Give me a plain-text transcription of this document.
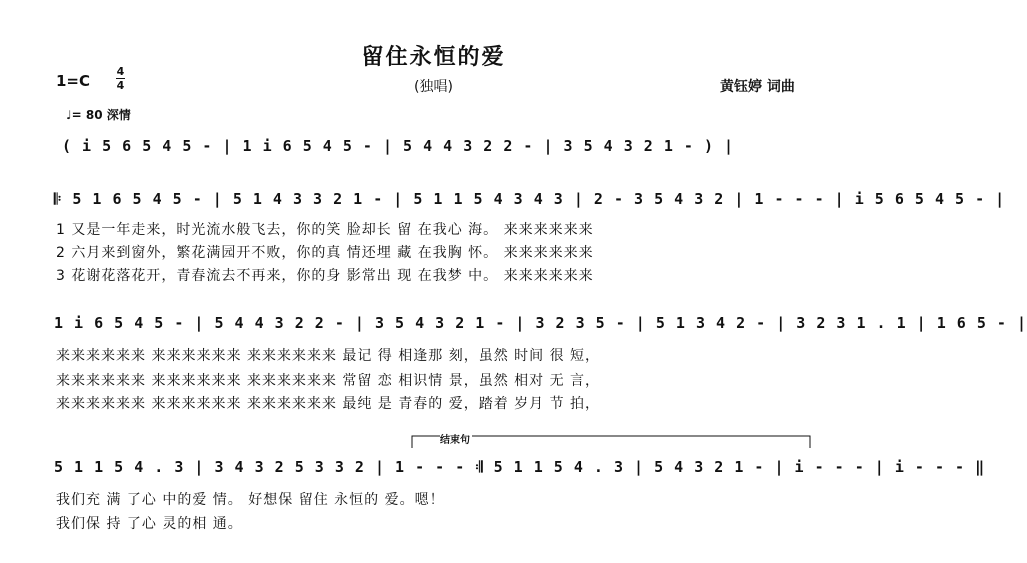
留住永恒的爱
(独唱)
1=C
4
4	黄钰婷 词曲
♩= 80 深情
( i 5 6 5 4 5 - | 1 i 6 5 4 5 - | 5 4 4 3 2 2 - | 3 5 4 3 2 1 - ) |
𝄆 5 1 6 5 4 5 - | 5 1 4 3 3 2 1 - | 5 1 1 5 4 3 4 3 | 2 - 3 5 4 3 2 | 1 - - - | i 5 6 5 4 5 - |
1 又是一年走来，时光流水般飞去，你的笑 脸却长 留 在我心 海。 来来来来来来
2 六月来到窗外，繁花满园开不败，你的真 情还埋 藏 在我胸 怀。 来来来来来来
3 花谢花落花开，青春流去不再来，你的身 影常出 现 在我梦 中。 来来来来来来
1 i 6 5 4 5 - | 5 4 4 3 2 2 - | 3 5 4 3 2 1 - | 3 2 3 5 - | 5 1 3 4 2 - | 3 2 3 1 . 1 | 1 6 5 - |
来来来来来来 来来来来来来 来来来来来来 最记 得 相逢那 刻，虽然 时间 很 短，
来来来来来来 来来来来来来 来来来来来来 常留 恋 相识情 景，虽然 相对 无 言，
来来来来来来 来来来来来来 来来来来来来 最纯 是 青春的 爱，踏着 岁月 节 拍，
结束句
5 1 1 5 4 . 3 | 3 4 3 2 5 3 3 2 | 1 - - - 𝄇 5 1 1 5 4 . 3 | 5 4 3 2 1 - | i - - - | i - - - ‖
我们充 满 了心 中的爱 情。 好想保 留住 永恒的 爱。嗯！
我们保 持 了心 灵的相 通。
